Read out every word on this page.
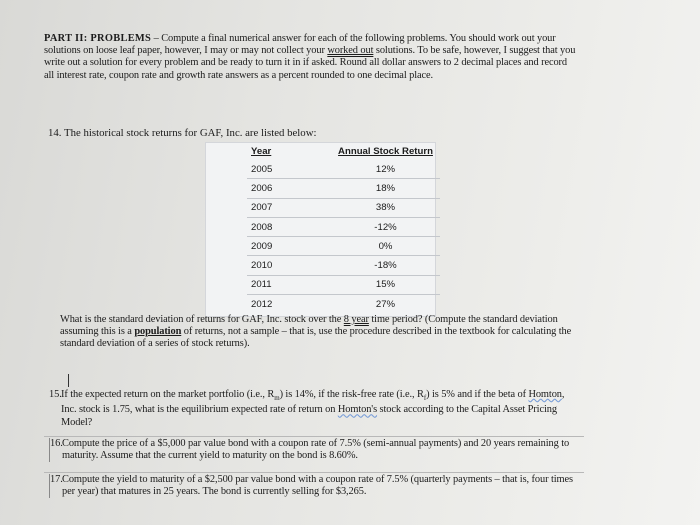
PART II: PROBLEMS – Compute a final numerical answer for each of the following problems. You should work out your solutions on loose leaf paper, however, I may or may not collect your worked out solutions. To be safe, however, I suggest that you write out a solution for every problem and be ready to turn it in if asked. Round all dollar answers to 2 decimal places and record all interest rate, coupon rate and growth rate answers as a percent rounded to one decimal place.
14. The historical stock returns for GAF, Inc. are listed below:
Year	Annual Stock Return
2005	12%
2006	18%
2007	38%
2008	-12%
2009	0%
2010	-18%
2011	15%
2012	27%
What is the standard deviation of returns for GAF, Inc. stock over the 8 year time period? (Compute the standard deviation assuming this is a population of returns, not a sample – that is, use the procedure described in the textbook for calculating the standard deviation of a series of stock returns).
15. If the expected return on the market portfolio (i.e., $R_m$) is 14%, if the risk-free rate (i.e., $R_f$) is 5% and if the beta of Homton, Inc. stock is 1.75, what is the equilibrium expected rate of return on Homton's stock according to the Capital Asset Pricing Model?
16. Compute the price of a $5,000 par value bond with a coupon rate of 7.5% (semi-annual payments) and 20 years remaining to maturity. Assume that the current yield to maturity on the bond is 8.60%.
17. Compute the yield to maturity of a $2,500 par value bond with a coupon rate of 7.5% (quarterly payments – that is, four times per year) that matures in 25 years. The bond is currently selling for $3,265.
